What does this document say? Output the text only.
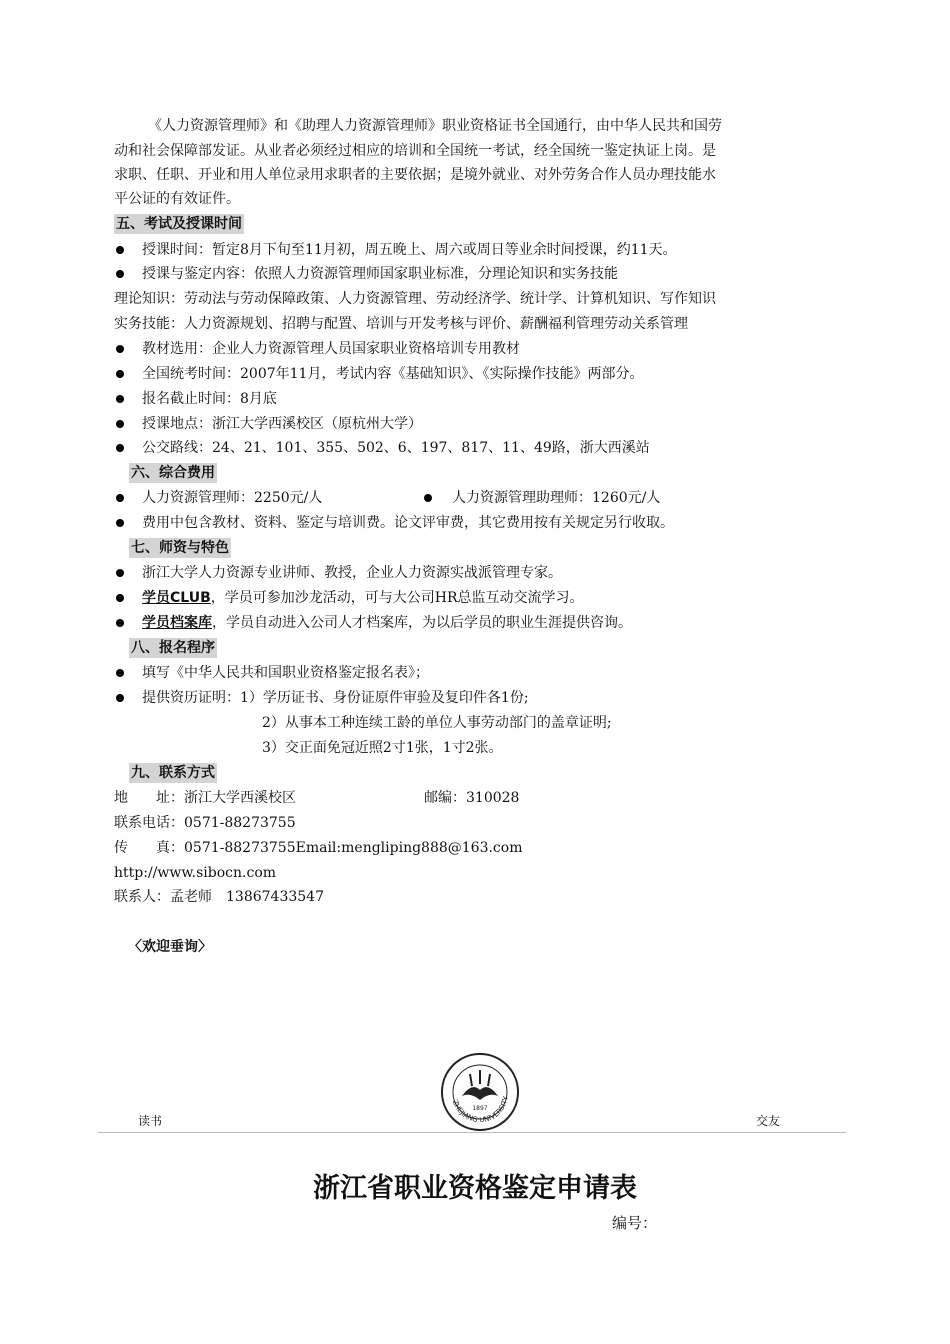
《人力资源管理师》和《助理人力资源管理师》职业资格证书全国通行，由中华人民共和国劳
动和社会保障部发证。从业者必须经过相应的培训和全国统一考试，经全国统一鉴定执证上岗。是
求职、任职、开业和用人单位录用求职者的主要依据；是境外就业、对外劳务合作人员办理技能水
平公证的有效证件。
五、考试及授课时间
授课时间：暂定8月下旬至11月初，周五晚上、周六或周日等业余时间授课，约11天。
授课与鉴定内容：依照人力资源管理师国家职业标准，分理论知识和实务技能
理论知识：劳动法与劳动保障政策、人力资源管理、劳动经济学、统计学、计算机知识、写作知识
实务技能：人力资源规划、招聘与配置、培训与开发考核与评价、薪酬福利管理劳动关系管理
教材选用：企业人力资源管理人员国家职业资格培训专用教材
全国统考时间：2007年11月，考试内容《基础知识》、《实际操作技能》两部分。
报名截止时间：8月底
授课地点：浙江大学西溪校区（原杭州大学）
公交路线：24、21、101、355、502、6、197、817、11、49路，浙大西溪站
六、综合费用
人力资源管理师：2250元/人	人力资源管理助理师：1260元/人
费用中包含教材、资料、鉴定与培训费。论文评审费，其它费用按有关规定另行收取。
七、师资与特色
浙江大学人力资源专业讲师、教授，企业人力资源实战派管理专家。
学员CLUB，学员可参加沙龙活动，可与大公司HR总监互动交流学习。
学员档案库，学员自动进入公司人才档案库，为以后学员的职业生涯提供咨询。
八、报名程序
填写《中华人民共和国职业资格鉴定报名表》；
提供资历证明：1）学历证书、身份证原件审验及复印件各1份;
2）从事本工种连续工龄的单位人事劳动部门的盖章证明;
3）交正面免冠近照2寸1张，1寸2张。
九、联系方式
地　　址：浙江大学西溪校区	邮编：310028
联系电话：0571-88273755
传　　真：0571-88273755Email:mengliping888@163.com
http://www.sibocn.com
联系人：孟老师　13867433547
〈欢迎垂询〉
读书	交友
ZHEJIANG UNIVERSITY
1897
浙江省职业资格鉴定申请表
编号：
